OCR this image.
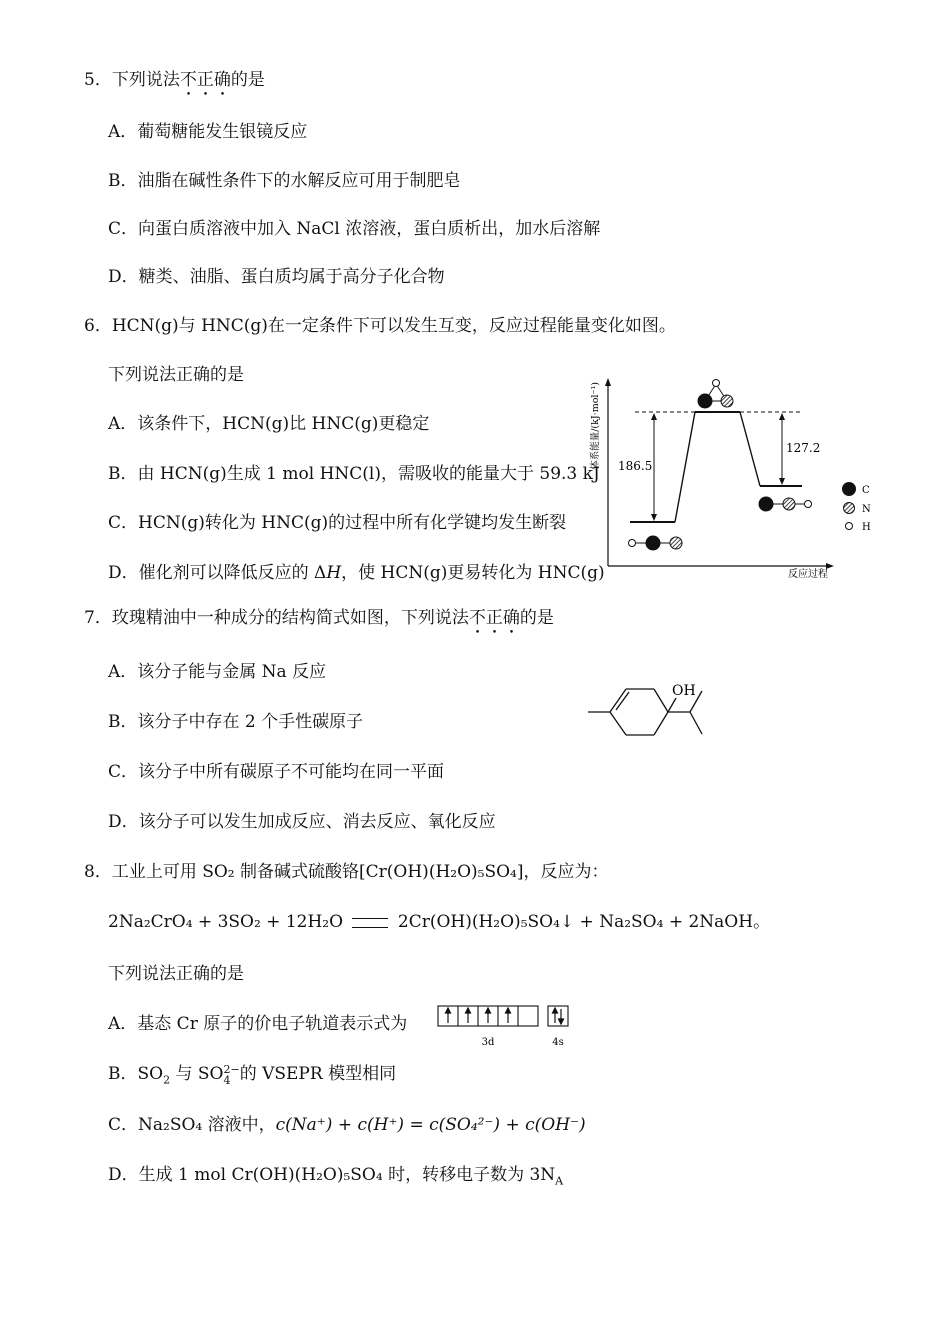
5．下列说法不正确的是
A．葡萄糖能发生银镜反应
B．油脂在碱性条件下的水解反应可用于制肥皂
C．向蛋白质溶液中加入 NaCl 浓溶液，蛋白质析出，加水后溶解
D．糖类、油脂、蛋白质均属于高分子化合物
6．HCN(g)与 HNC(g)在一定条件下可以发生互变，反应过程能量变化如图。
下列说法正确的是
A．该条件下，HCN(g)比 HNC(g)更稳定
B．由 HCN(g)生成 1 mol HNC(l)，需吸收的能量大于 59.3 kJ
C．HCN(g)转化为 HNC(g)的过程中所有化学键均发生断裂
D．催化剂可以降低反应的 ΔH，使 HCN(g)更易转化为 HNC(g)
体系能量/(kJ·mol⁻¹)
反应过程
186.5
127.2
C
N
H
7．玫瑰精油中一种成分的结构简式如图，下列说法不正确的是
A．该分子能与金属 Na 反应
B．该分子中存在 2 个手性碳原子
C．该分子中所有碳原子不可能均在同一平面
D．该分子可以发生加成反应、消去反应、氧化反应
OH
8．工业上可用 SO₂ 制备碱式硫酸铬[Cr(OH)(H₂O)₅SO₄]，反应为：
2Na₂CrO₄ + 3SO₂ + 12H₂O	2Cr(OH)(H₂O)₅SO₄↓ + Na₂SO₄ + 2NaOH。
下列说法正确的是
A．基态 Cr 原子的价电子轨道表示式为
3d	4s
B．$SO_2$ 与 SO 2−
4 的 VSEPR 模型相同
C．Na₂SO₄ 溶液中，c(Na⁺) + c(H⁺) = c(SO₄²⁻) + c(OH⁻)
D．生成 1 mol Cr(OH)(H₂O)₅SO₄ 时，转移电子数为 $3N_A$
